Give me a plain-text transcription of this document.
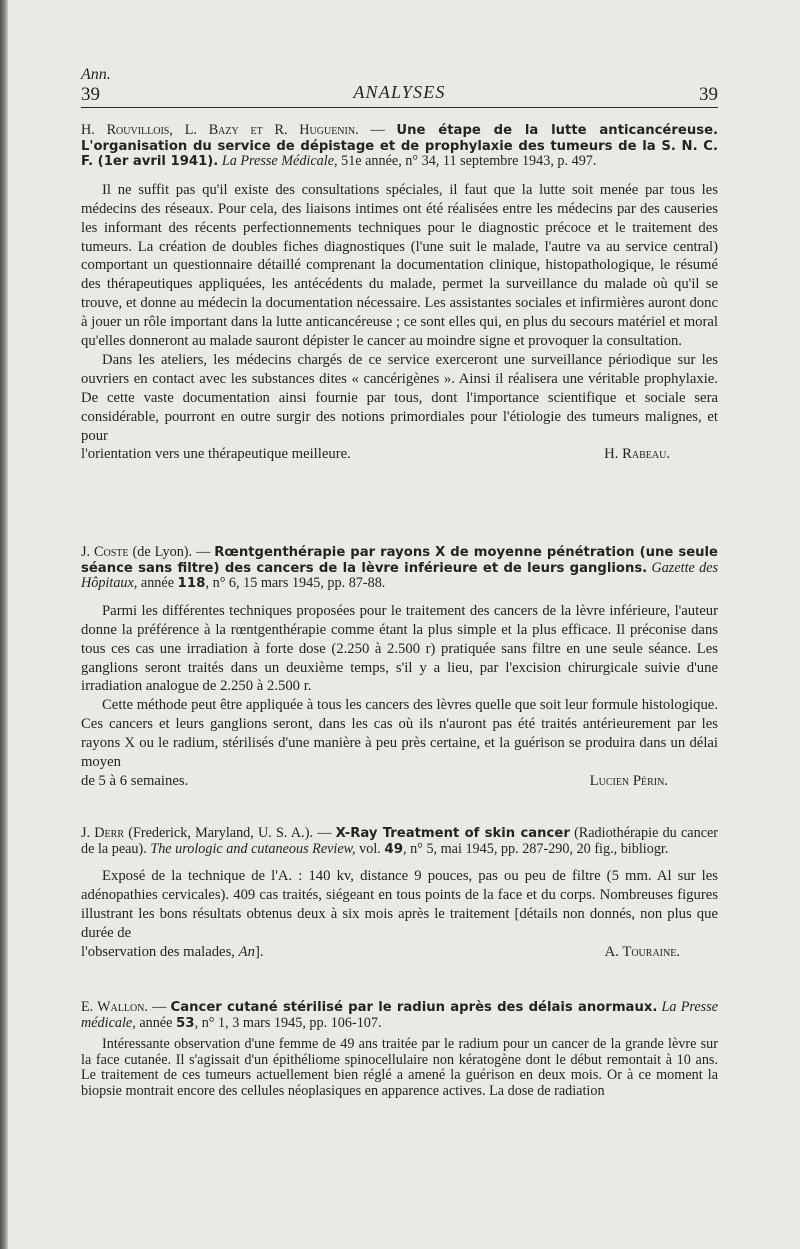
Ann.
39	ANALYSES	39

H. Rouvillois, L. Bazy et R. Huguenin. — Une étape de la lutte anticancéreuse. L'organisation du service de dépistage et de prophylaxie des tumeurs de la S. N. C. F. (1er avril 1941). La Presse Médicale, 51e année, n° 34, 11 septembre 1943, p. 497.

Il ne suffit pas qu'il existe des consultations spéciales, il faut que la lutte soit menée par tous les médecins des réseaux. Pour cela, des liaisons intimes ont été réalisées entre les médecins par des causeries les informant des récents perfectionnements techniques pour le diagnostic précoce et le traitement des tumeurs. La création de doubles fiches diagnostiques (l'une suit le malade, l'autre va au service central) comportant un questionnaire détaillé comprenant la documentation clinique, histopathologique, le résumé des thérapeutiques appliquées, les antécédents du malade, permet la surveillance du malade où qu'il se trouve, et donne au médecin la documentation nécessaire. Les assistantes sociales et infirmières auront donc à jouer un rôle important dans la lutte anticancéreuse ; ce sont elles qui, en plus du secours matériel et moral qu'elles donneront au malade sauront dépister le cancer au moindre signe et provoquer la consultation.

Dans les ateliers, les médecins chargés de ce service exerceront une surveillance périodique sur les ouvriers en contact avec les substances dites « cancérigènes ». Ainsi il réalisera une véritable prophylaxie. De cette vaste documentation ainsi fournie par tous, dont l'importance scientifique et sociale sera considérable, pourront en outre surgir des notions primordiales pour l'étiologie des tumeurs malignes, et pour

l'orientation vers une thérapeutique meilleure.	H. Rabeau.

J. Coste (de Lyon). — Rœntgenthérapie par rayons X de moyenne pénétration (une seule séance sans filtre) des cancers de la lèvre inférieure et de leurs ganglions. Gazette des Hôpitaux, année 118, n° 6, 15 mars 1945, pp. 87-88.

Parmi les différentes techniques proposées pour le traitement des cancers de la lèvre inférieure, l'auteur donne la préférence à la rœntgenthérapie comme étant la plus simple et la plus efficace. Il préconise dans tous ces cas une irradiation à forte dose (2.250 à 2.500 r) pratiquée sans filtre en une seule séance. Les ganglions seront traités dans un deuxième temps, s'il y a lieu, par l'excision chirurgicale suivie d'une irradiation analogue de 2.250 à 2.500 r.

Cette méthode peut être appliquée à tous les cancers des lèvres quelle que soit leur formule histologique. Ces cancers et leurs ganglions seront, dans les cas où ils n'auront pas été traités antérieurement par les rayons X ou le radium, stérilisés d'une manière à peu près certaine, et la guérison se produira dans un délai moyen

de 5 à 6 semaines.	Lucien Périn.

J. Derr (Frederick, Maryland, U. S. A.). — X-Ray Treatment of skin cancer (Radiothérapie du cancer de la peau). The urologic and cutaneous Review, vol. 49, n° 5, mai 1945, pp. 287-290, 20 fig., bibliogr.

Exposé de la technique de l'A. : 140 kv, distance 9 pouces, pas ou peu de filtre (5 mm. Al sur les adénopathies cervicales). 409 cas traités, siégeant en tous points de la face et du corps. Nombreuses figures illustrant les bons résultats obtenus deux à six mois après le traitement [détails non donnés, non plus que durée de

l'observation des malades, An].	A. Touraine.

E. Wallon. — Cancer cutané stérilisé par le radiun après des délais anormaux. La Presse médicale, année 53, n° 1, 3 mars 1945, pp. 106-107.

Intéressante observation d'une femme de 49 ans traitée par le radium pour un cancer de la grande lèvre sur la face cutanée. Il s'agissait d'un épithéliome spinocellulaire non kératogène dont le début remontait à 10 ans. Le traitement de ces tumeurs actuellement bien réglé a amené la guérison en deux mois. Or à ce moment la biopsie montrait encore des cellules néoplasiques en apparence actives. La dose de radiation
